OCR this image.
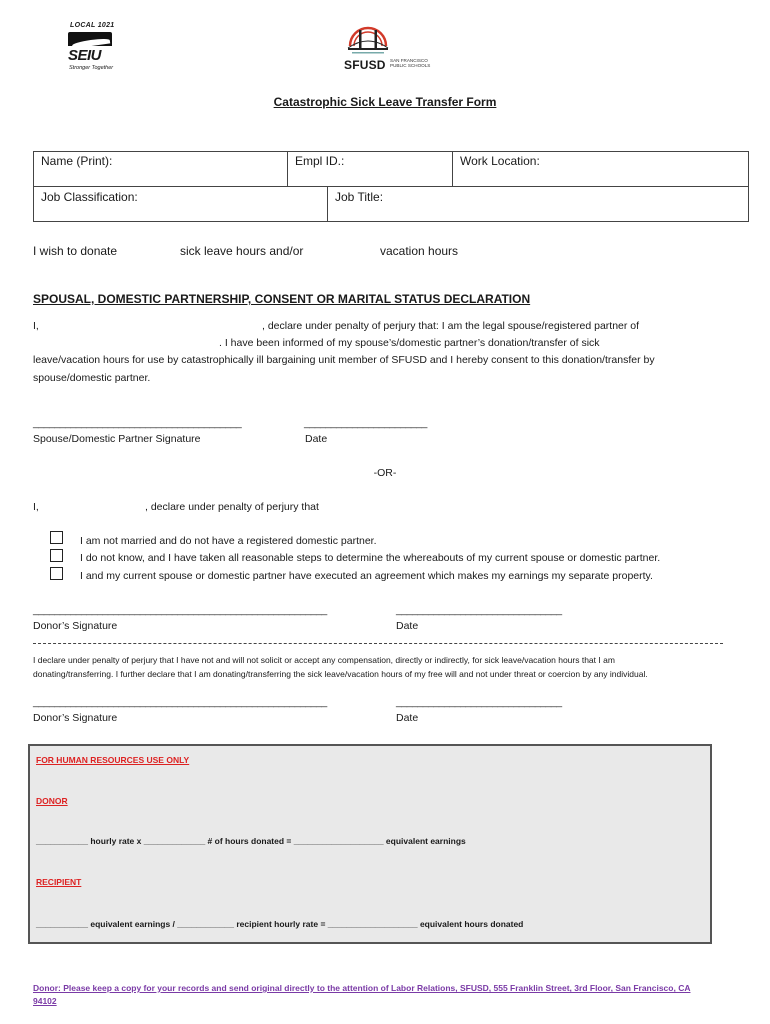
LOCAL 1021
SEIU
Stronger Together	SFUSD SAN FRANCISCO PUBLIC SCHOOLS
Catastrophic Sick Leave Transfer Form
Name (Print):	Empl ID.:	Work Location:
Job Classification:	Job Title:
I wish to donate	sick leave hours and/or	vacation hours
SPOUSAL, DOMESTIC PARTNERSHIP, CONSENT OR MARITAL STATUS DECLARATION
I,	, declare under penalty of perjury that: I am the legal spouse/registered partner of
. I have been informed of my spouse’s/domestic partner’s donation/transfer of sick
leave/vacation hours for use by catastrophically ill bargaining unit member of SFUSD and I hereby consent to this donation/transfer by
spouse/domestic partner.
_______________________________________	_______________________
Spouse/Domestic Partner Signature	Date
-OR-
I,	, declare under penalty of perjury that
I am not married and do not have a registered domestic partner.
I do not know, and I have taken all reasonable steps to determine the whereabouts of my current spouse or domestic partner.
I and my current spouse or domestic partner have executed an agreement which makes my earnings my separate property.
_______________________________________________________	_______________________________
Donor’s Signature	Date
I declare under penalty of perjury that I have not and will not solicit or accept any compensation, directly or indirectly, for sick leave/vacation hours that I am
donating/transferring. I further declare that I am donating/transferring the sick leave/vacation hours of my free will and not under threat or coercion by any individual.
_______________________________________________________	_______________________________
Donor’s Signature	Date
FOR HUMAN RESOURCES USE ONLY
DONOR
___________ hourly rate x _____________ # of hours donated = ___________________ equivalent earnings
RECIPIENT
___________ equivalent earnings / ____________ recipient hourly rate = ___________________ equivalent hours donated
Donor: Please keep a copy for your records and send original directly to the attention of Labor Relations, SFUSD, 555 Franklin Street, 3rd Floor, San Francisco, CA
94102
